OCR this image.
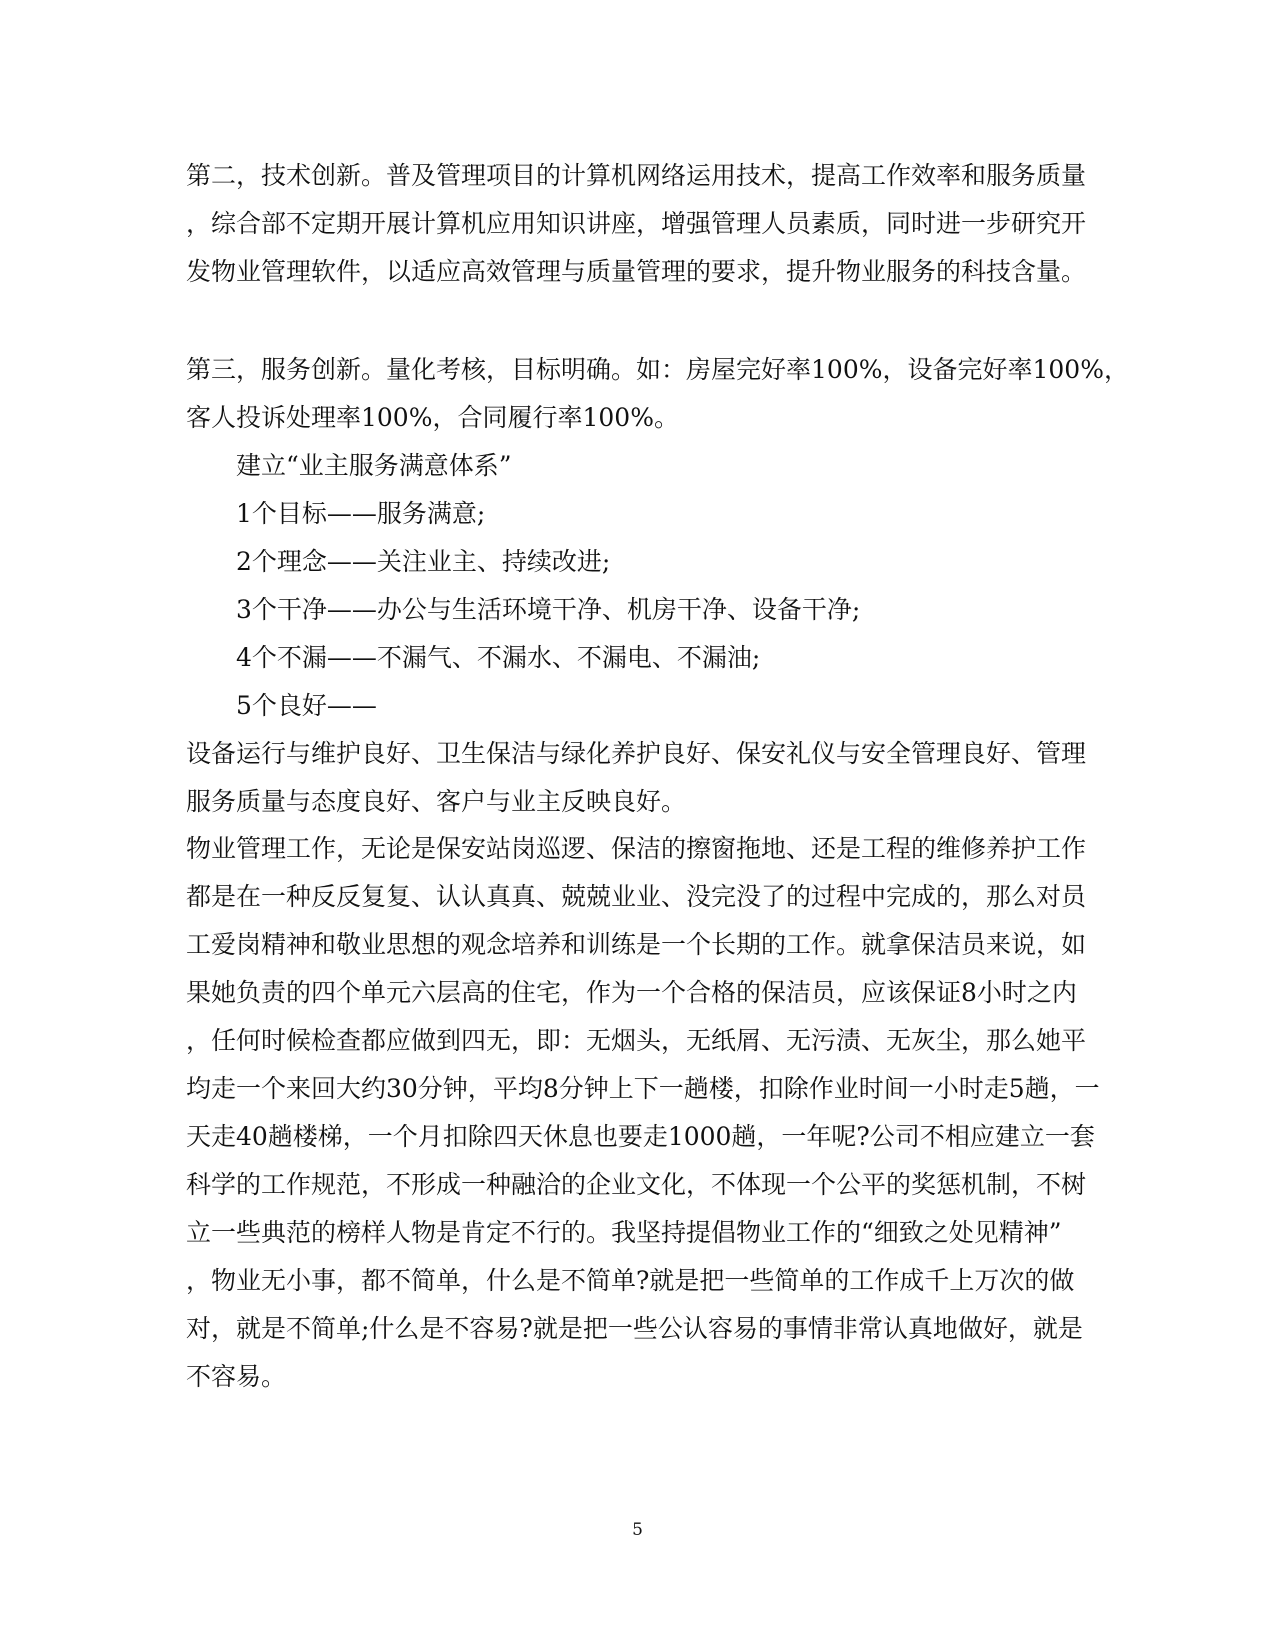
第二，技术创新。普及管理项目的计算机网络运用技术，提高工作效率和服务质量
，综合部不定期开展计算机应用知识讲座，增强管理人员素质，同时进一步研究开
发物业管理软件，以适应高效管理与质量管理的要求，提升物业服务的科技含量。
第三，服务创新。量化考核，目标明确。如：房屋完好率100%，设备完好率100%，
客人投诉处理率100%，合同履行率100%。
建立“业主服务满意体系”
1个目标——服务满意;
2个理念——关注业主、持续改进;
3个干净——办公与生活环境干净、机房干净、设备干净;
4个不漏——不漏气、不漏水、不漏电、不漏油;
5个良好——
设备运行与维护良好、卫生保洁与绿化养护良好、保安礼仪与安全管理良好、管理
服务质量与态度良好、客户与业主反映良好。
物业管理工作，无论是保安站岗巡逻、保洁的擦窗拖地、还是工程的维修养护工作
都是在一种反反复复、认认真真、兢兢业业、没完没了的过程中完成的，那么对员
工爱岗精神和敬业思想的观念培养和训练是一个长期的工作。就拿保洁员来说，如
果她负责的四个单元六层高的住宅，作为一个合格的保洁员，应该保证8小时之内
，任何时候检查都应做到四无，即：无烟头，无纸屑、无污渍、无灰尘，那么她平
均走一个来回大约30分钟，平均8分钟上下一趟楼，扣除作业时间一小时走5趟，一
天走40趟楼梯，一个月扣除四天休息也要走1000趟，一年呢?公司不相应建立一套
科学的工作规范，不形成一种融洽的企业文化，不体现一个公平的奖惩机制，不树
立一些典范的榜样人物是肯定不行的。我坚持提倡物业工作的“细致之处见精神”
，物业无小事，都不简单，什么是不简单?就是把一些简单的工作成千上万次的做
对，就是不简单;什么是不容易?就是把一些公认容易的事情非常认真地做好，就是
不容易。
5
